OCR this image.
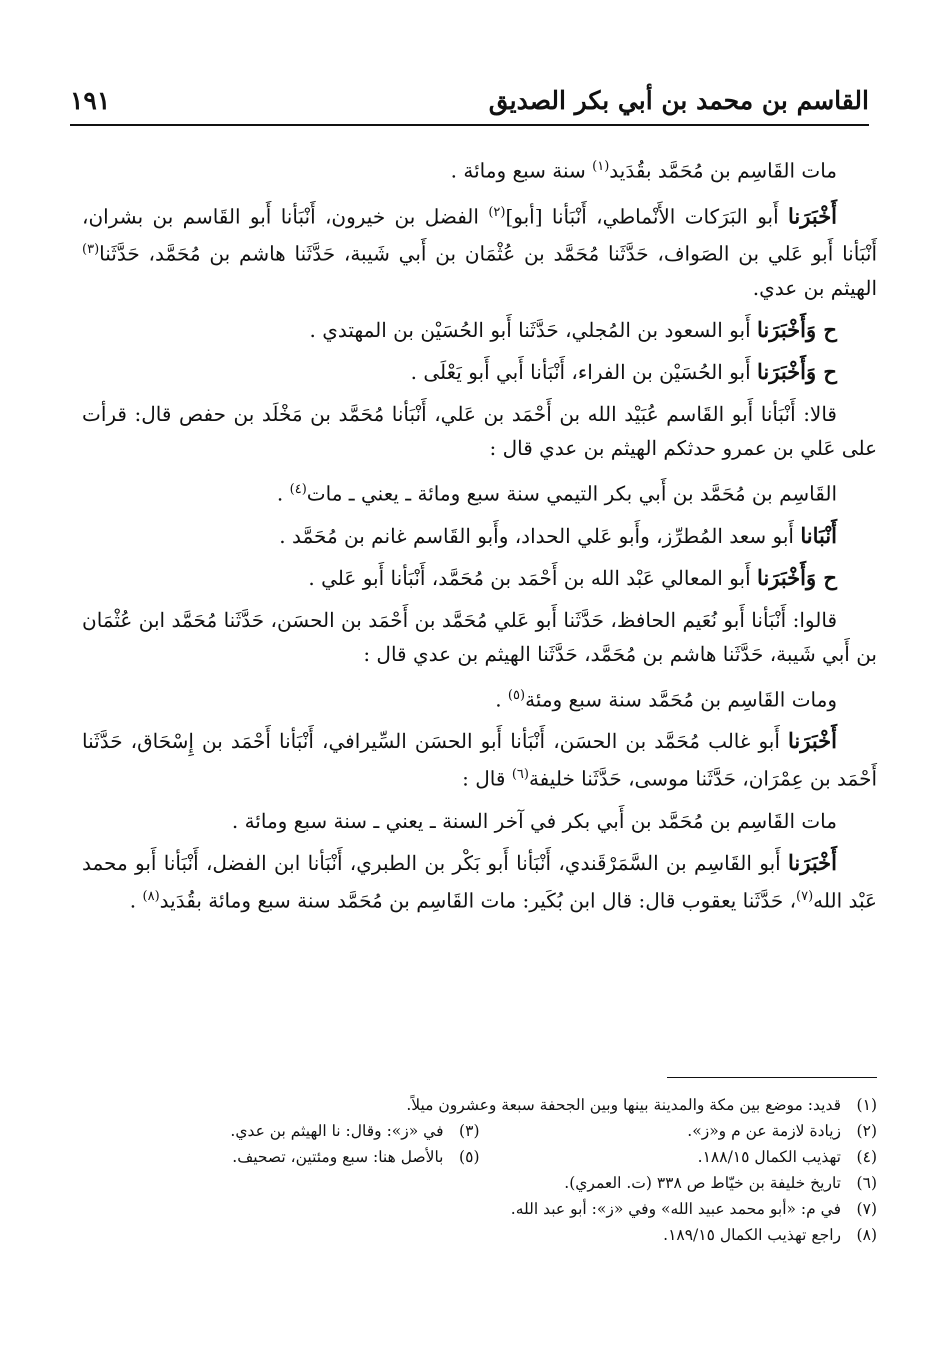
القاسم بن محمد بن أبي بكر الصديق
١٩١

مات القَاسِم بن مُحَمَّد بقُدَيد$^{(١)}$ سنة سبع ومائة .

أَخْبَرَنا أَبو البَرَكات الأَنْماطي، أَنْبَأنا [أبو]$^{(٢)}$ الفضل بن خيرون، أَنْبَأنا أَبو القَاسم بن بشران، أَنْبَأنا أَبو عَلي بن الصَواف، حَدَّثَنا مُحَمَّد بن عُثْمَان بن أَبي شَيبة، حَدَّثَنا هاشم بن مُحَمَّد، حَدَّثَنا$^{(٣)}$ الهيثم بن عدي.

ح وَأَخْبَرَنا أَبو السعود بن المُجلي، حَدَّثَنا أَبو الحُسَيْن بن المهتدي .

ح وَأَخْبَرَنا أَبو الحُسَيْن بن الفراء، أَنْبَأنا أَبي أَبو يَعْلَى .

قالا: أَنْبَأنا أَبو القَاسم عُبَيْد الله بن أَحْمَد بن عَلي، أَنْبَأنا مُحَمَّد بن مَخْلَد بن حفص قال: قرأت على عَلي بن عمرو حدثكم الهيثم بن عدي قال :

القَاسِم بن مُحَمَّد بن أَبي بكر التيمي سنة سبع ومائة ـ يعني ـ مات$^{(٤)}$ .

أَنْبَانا أَبو سعد المُطرِّز، وأَبو عَلي الحداد، وأَبو القَاسم غانم بن مُحَمَّد .

ح وَأَخْبَرَنا أَبو المعالي عَبْد الله بن أَحْمَد بن مُحَمَّد، أَنْبَأنا أَبو عَلي .

قالوا: أَنْبَأنا أَبو نُعَيم الحافظ، حَدَّثَنا أَبو عَلي مُحَمَّد بن أَحْمَد بن الحسَن، حَدَّثَنا مُحَمَّد ابن عُثْمَان بن أَبي شَيبة، حَدَّثَنا هاشم بن مُحَمَّد، حَدَّثَنا الهيثم بن عدي قال :

ومات القَاسِم بن مُحَمَّد سنة سبع ومئة$^{(٥)}$ .

أَخْبَرَنا أَبو غالب مُحَمَّد بن الحسَن، أَنْبَأنا أَبو الحسَن السِّيرافي، أَنْبَأنا أَحْمَد بن إِسْحَاق، حَدَّثَنا أَحْمَد بن عِمْرَان، حَدَّثَنا موسى، حَدَّثَنا خليفة$^{(٦)}$ قال :

مات القَاسِم بن مُحَمَّد بن أَبي بكر في آخر السنة ـ يعني ـ سنة سبع ومائة .

أَخْبَرَنا أَبو القَاسِم بن السَّمَرْقَندي، أَنْبَأنا أَبو بَكْر بن الطبري، أَنْبَأنا ابن الفضل، أَنْبَأنا أَبو محمد عَبْد الله$^{(٧)}$، حَدَّثَنا يعقوب قال: قال ابن بُكَير: مات القَاسِم بن مُحَمَّد سنة سبع ومائة بقُدَيد$^{(٨)}$ .

(١)قديد: موضع بين مكة والمدينة بينها وبين الجحفة سبعة وعشرون ميلاً.
(٢)زيادة لازمة عن م و«ز».
(٣)في «ز»: وقال: نا الهيثم بن عدي.
(٤)تهذيب الكمال ١٨٨/١٥.
(٥)بالأصل هنا: سبع ومئتين، تصحيف.
(٦)تاريخ خليفة بن خيّاط ص ٣٣٨ (ت. العمري).
(٧)في م: «أبو محمد عبيد الله» وفي «ز»: أبو عبد الله.
(٨)راجع تهذيب الكمال ١٨٩/١٥.
